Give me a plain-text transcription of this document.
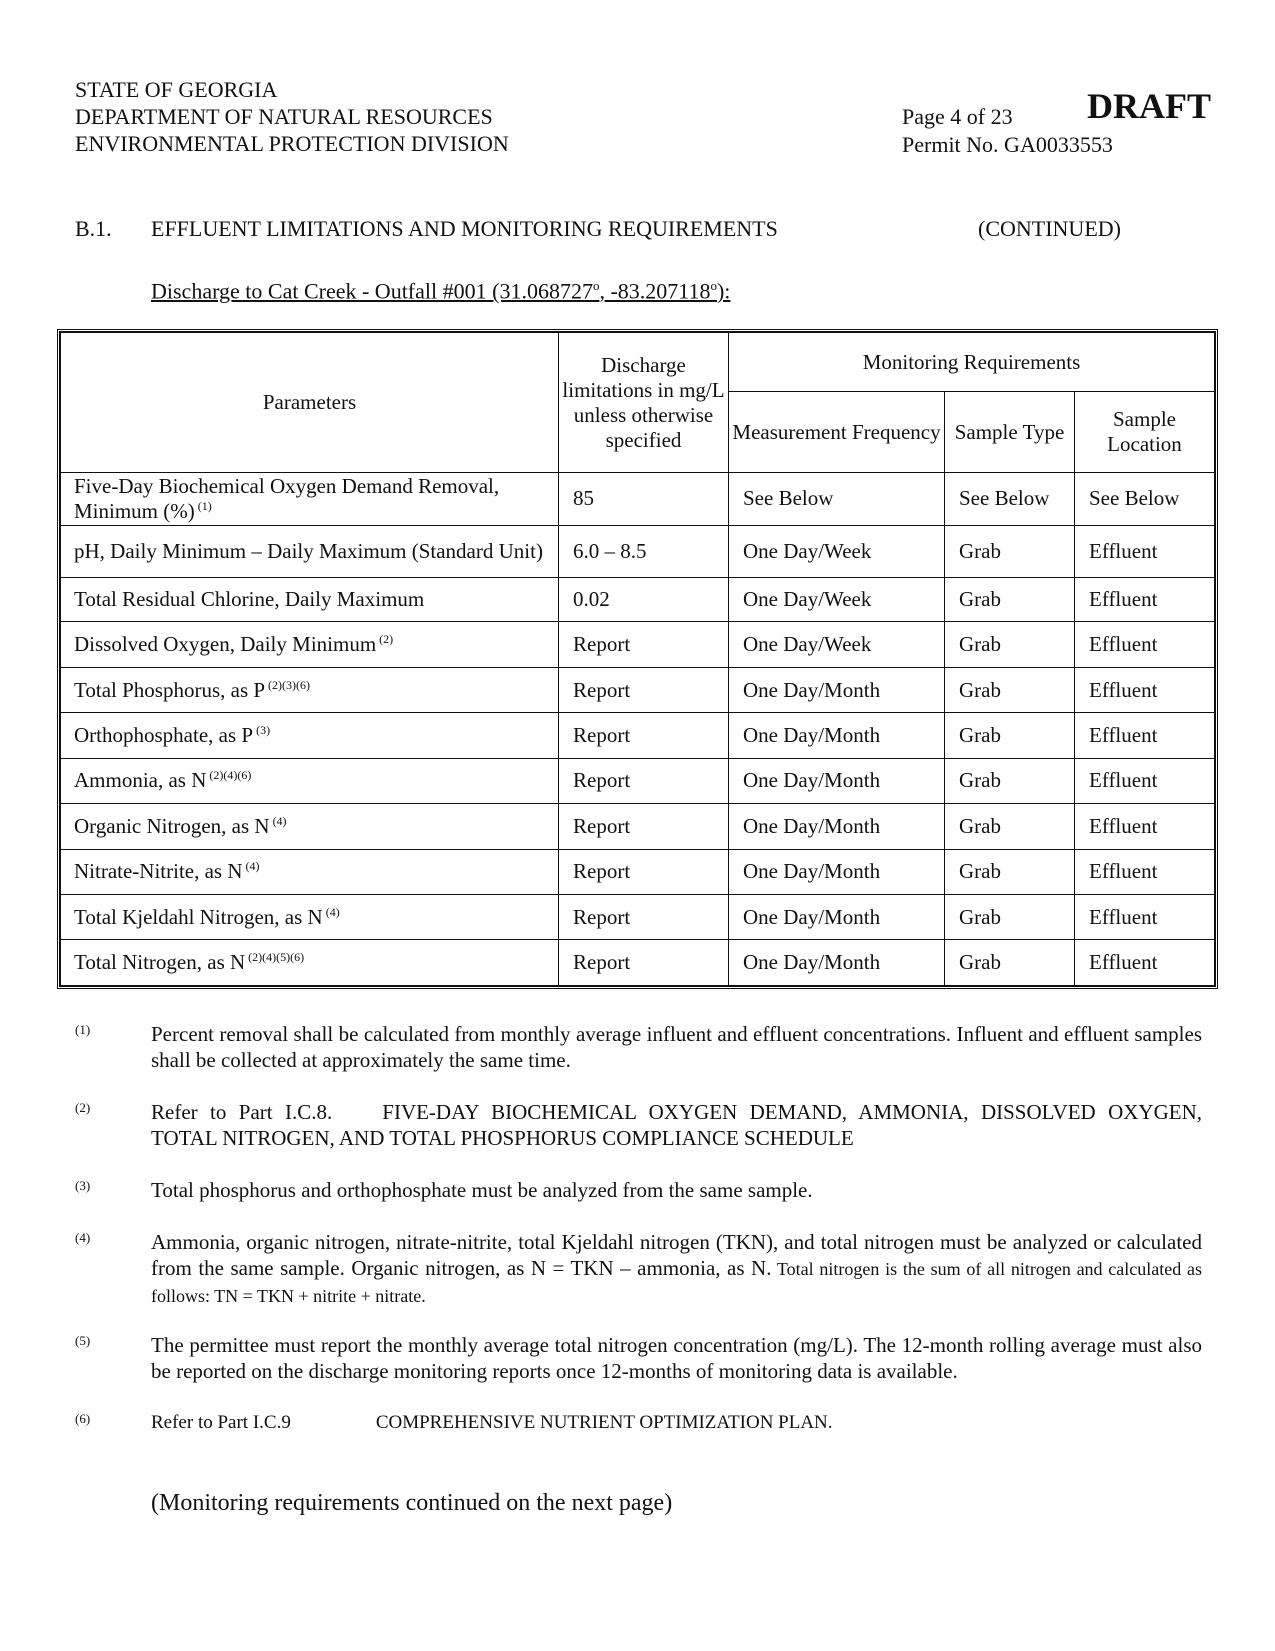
STATE OF GEORGIA
DEPARTMENT OF NATURAL RESOURCES
ENVIRONMENTAL PROTECTION DIVISION
Page 4 of 23 DRAFT
Permit No. GA0033553
B.1. EFFLUENT LIMITATIONS AND MONITORING REQUIREMENTS	(CONTINUED)
Discharge to Cat Creek - Outfall #001 (31.068727$^o$, -83.207118$^o$):
Parameters	Discharge limitations in mg/L unless otherwise specified	Monitoring Requirements		
		Measurement Frequency	Sample Type	Sample Location
Five-Day Biochemical Oxygen Demand Removal, Minimum (%) $^{(1)}$	85	See Below	See Below	See Below
pH, Daily Minimum – Daily Maximum (Standard Unit)	6.0 – 8.5	One Day/Week	Grab	Effluent
Total Residual Chlorine, Daily Maximum	0.02	One Day/Week	Grab	Effluent
Dissolved Oxygen, Daily Minimum $^{(2)}$	Report	One Day/Week	Grab	Effluent
Total Phosphorus, as P $^{(2)(3)(6)}$	Report	One Day/Month	Grab	Effluent
Orthophosphate, as P $^{(3)}$	Report	One Day/Month	Grab	Effluent
Ammonia, as N $^{(2)(4)(6)}$	Report	One Day/Month	Grab	Effluent
Organic Nitrogen, as N $^{(4)}$	Report	One Day/Month	Grab	Effluent
Nitrate-Nitrite, as N $^{(4)}$	Report	One Day/Month	Grab	Effluent
Total Kjeldahl Nitrogen, as N $^{(4)}$	Report	One Day/Month	Grab	Effluent
Total Nitrogen, as N $^{(2)(4)(5)(6)}$	Report	One Day/Month	Grab	Effluent
(1)	Percent removal shall be calculated from monthly average influent and effluent concentrations. Influent and effluent samples shall be collected at approximately the same time.
(2)	Refer to Part I.C.8. FIVE-DAY BIOCHEMICAL OXYGEN DEMAND, AMMONIA, DISSOLVED OXYGEN, TOTAL NITROGEN, AND TOTAL PHOSPHORUS COMPLIANCE SCHEDULE
(3)	Total phosphorus and orthophosphate must be analyzed from the same sample.
(4)	Ammonia, organic nitrogen, nitrate-nitrite, total Kjeldahl nitrogen (TKN), and total nitrogen must be analyzed or calculated from the same sample. Organic nitrogen, as N = TKN – ammonia, as N. Total nitrogen is the sum of all nitrogen and calculated as follows: TN = TKN + nitrite + nitrate.
(5)	The permittee must report the monthly average total nitrogen concentration (mg/L). The 12-month rolling average must also be reported on the discharge monitoring reports once 12-months of monitoring data is available.
(6)	Refer to Part I.C.9	COMPREHENSIVE NUTRIENT OPTIMIZATION PLAN.
(Monitoring requirements continued on the next page)
